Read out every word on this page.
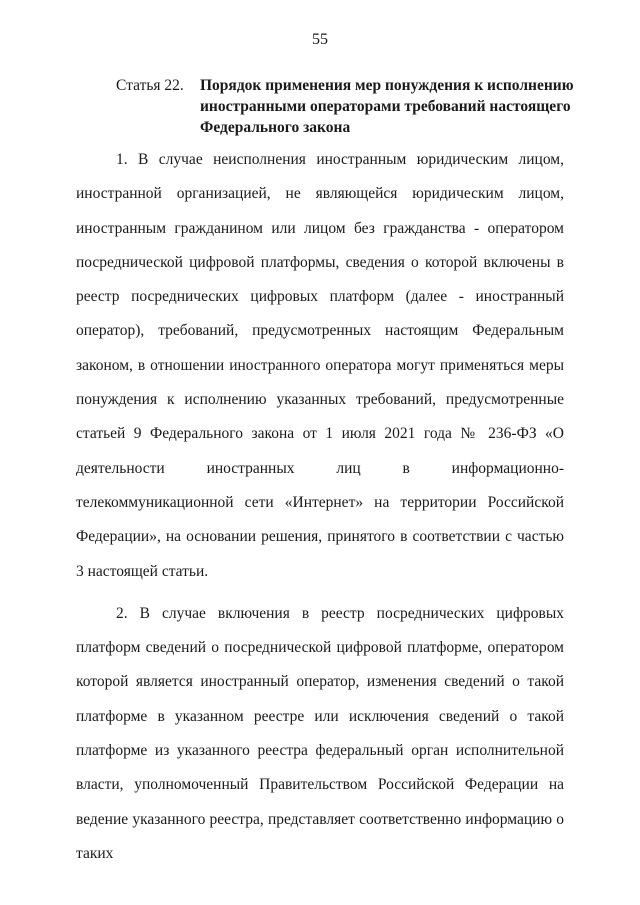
55
Статья 22.	Порядок применения мер понуждения к исполнению иностранными операторами требований настоящего Федерального закона

1. В случае неисполнения иностранным юридическим лицом, иностранной организацией, не являющейся юридическим лицом, иностранным гражданином или лицом без гражданства - оператором посреднической цифровой платформы, сведения о которой включены в реестр посреднических цифровых платформ (далее - иностранный оператор), требований, предусмотренных настоящим Федеральным законом, в отношении иностранного оператора могут применяться меры понуждения к исполнению указанных требований, предусмотренные статьей 9 Федерального закона от 1 июля 2021 года № 236-ФЗ «О деятельности иностранных лиц в информационно-телекоммуникационной сети «Интернет» на территории Российской Федерации», на основании решения, принятого в соответствии с частью 3 настоящей статьи.

2. В случае включения в реестр посреднических цифровых платформ сведений о посреднической цифровой платформе, оператором которой является иностранный оператор, изменения сведений о такой платформе в указанном реестре или исключения сведений о такой платформе из указанного реестра федеральный орган исполнительной власти, уполномоченный Правительством Российской Федерации на ведение указанного реестра, представляет соответственно информацию о таких
